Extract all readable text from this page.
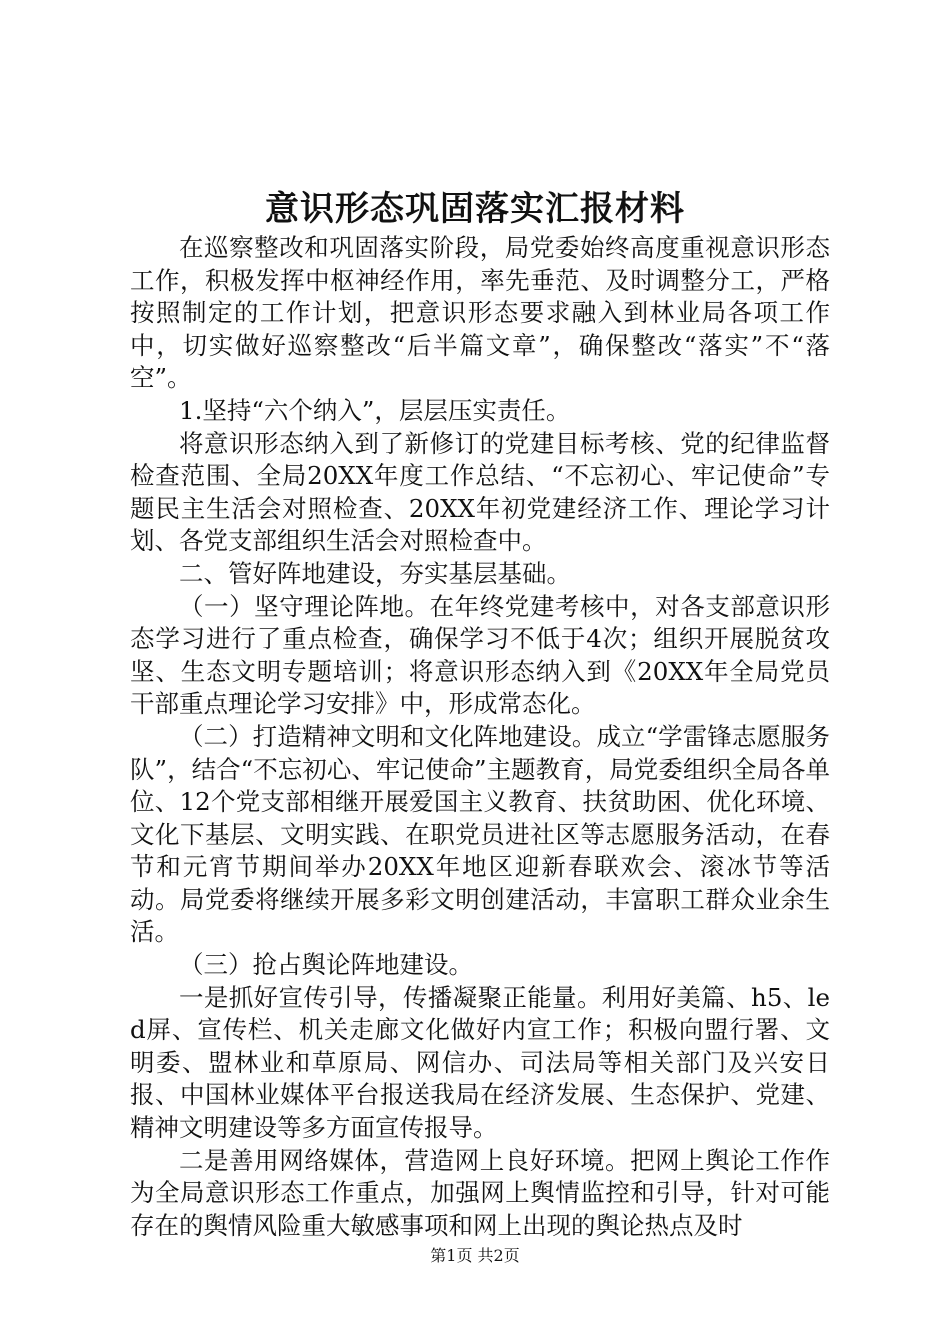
意识形态巩固落实汇报材料

在巡察整改和巩固落实阶段，局党委始终高度重视意识形态工作，积极发挥中枢神经作用，率先垂范、及时调整分工，严格按照制定的工作计划，把意识形态要求融入到林业局各项工作中，切实做好巡察整改“后半篇文章”，确保整改“落实”不“落空”。

1.坚持“六个纳入”，层层压实责任。

将意识形态纳入到了新修订的党建目标考核、党的纪律监督检查范围、全局20XX年度工作总结、“不忘初心、牢记使命”专题民主生活会对照检查、20XX年初党建经济工作、理论学习计划、各党支部组织生活会对照检查中。

二、管好阵地建设，夯实基层基础。

（一）坚守理论阵地。在年终党建考核中，对各支部意识形态学习进行了重点检查，确保学习不低于4次；组织开展脱贫攻坚、生态文明专题培训；将意识形态纳入到《20XX年全局党员干部重点理论学习安排》中，形成常态化。

（二）打造精神文明和文化阵地建设。成立“学雷锋志愿服务队”，结合“不忘初心、牢记使命”主题教育，局党委组织全局各单位、12个党支部相继开展爱国主义教育、扶贫助困、优化环境、文化下基层、文明实践、在职党员进社区等志愿服务活动，在春节和元宵节期间举办20XX年地区迎新春联欢会、滚冰节等活动。局党委将继续开展多彩文明创建活动，丰富职工群众业余生活。

（三）抢占舆论阵地建设。

一是抓好宣传引导，传播凝聚正能量。利用好美篇、h5、led屏、宣传栏、机关走廊文化做好内宣工作；积极向盟行署、文明委、盟林业和草原局、网信办、司法局等相关部门及兴安日报、中国林业媒体平台报送我局在经济发展、生态保护、党建、精神文明建设等多方面宣传报导。

二是善用网络媒体，营造网上良好环境。把网上舆论工作作为全局意识形态工作重点，加强网上舆情监控和引导，针对可能存在的舆情风险重大敏感事项和网上出现的舆论热点及时

第1页 共2页
